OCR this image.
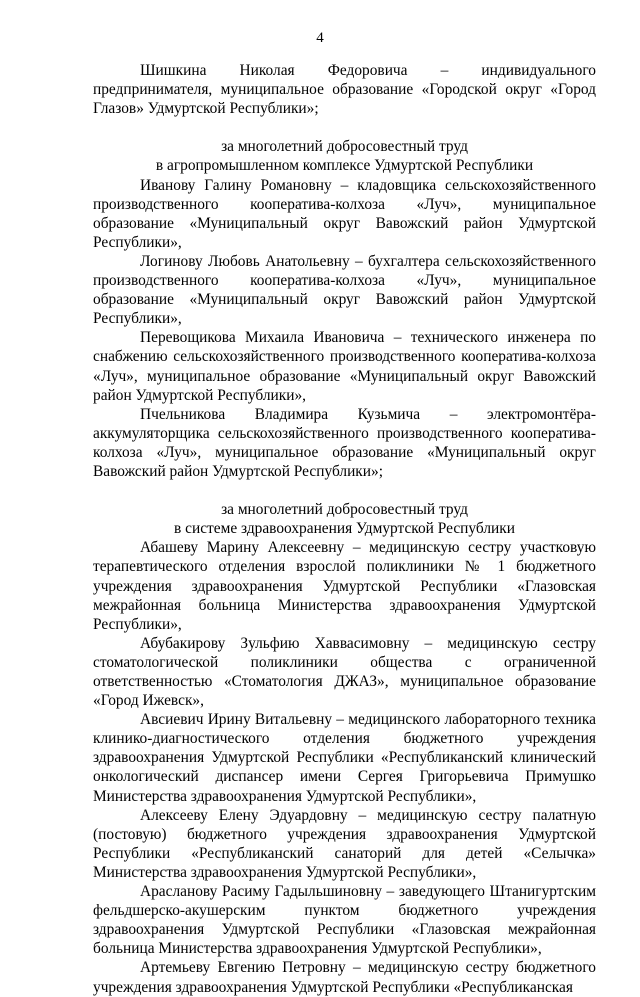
4

Шишкина Николая Федоровича – индивидуального предпринимателя, муниципальное образование «Городской округ «Город Глазов» Удмуртской Республики»;

за многолетний добросовестный труд

в агропромышленном комплексе Удмуртской Республики

Иванову Галину Романовну – кладовщика сельскохозяйственного производственного кооператива-колхоза «Луч», муниципальное образование «Муниципальный округ Вавожский район Удмуртской Республики»,

Логинову Любовь Анатольевну – бухгалтера сельскохозяйственного производственного кооператива-колхоза «Луч», муниципальное образование «Муниципальный округ Вавожский район Удмуртской Республики»,

Перевощикова Михаила Ивановича – технического инженера по снабжению сельскохозяйственного производственного кооператива-колхоза «Луч», муниципальное образование «Муниципальный округ Вавожский район Удмуртской Республики»,

Пчельникова Владимира Кузьмича – электромонтёра-аккумуляторщика сельскохозяйственного производственного кооператива-колхоза «Луч», муниципальное образование «Муниципальный округ Вавожский район Удмуртской Республики»;

за многолетний добросовестный труд

в системе здравоохранения Удмуртской Республики

Абашеву Марину Алексеевну – медицинскую сестру участковую терапевтического отделения взрослой поликлиники № 1 бюджетного учреждения здравоохранения Удмуртской Республики «Глазовская межрайонная больница Министерства здравоохранения Удмуртской Республики»,

Абубакирову Зульфию Хаввасимовну – медицинскую сестру стоматологической поликлиники общества с ограниченной ответственностью «Стоматология ДЖАЗ», муниципальное образование «Город Ижевск»,

Авсиевич Ирину Витальевну – медицинского лабораторного техника клинико-диагностического отделения бюджетного учреждения здравоохранения Удмуртской Республики «Республиканский клинический онкологический диспансер имени Сергея Григорьевича Примушко Министерства здравоохранения Удмуртской Республики»,

Алексееву Елену Эдуардовну – медицинскую сестру палатную (постовую) бюджетного учреждения здравоохранения Удмуртской Республики «Республиканский санаторий для детей «Селычка» Министерства здравоохранения Удмуртской Республики»,

Арасланову Расиму Гадыльшиновну – заведующего Штанигуртским фельдшерско-акушерским пунктом бюджетного учреждения здравоохранения Удмуртской Республики «Глазовская межрайонная больница Министерства здравоохранения Удмуртской Республики»,

Артемьеву Евгению Петровну – медицинскую сестру бюджетного учреждения здравоохранения Удмуртской Республики «Республиканская
